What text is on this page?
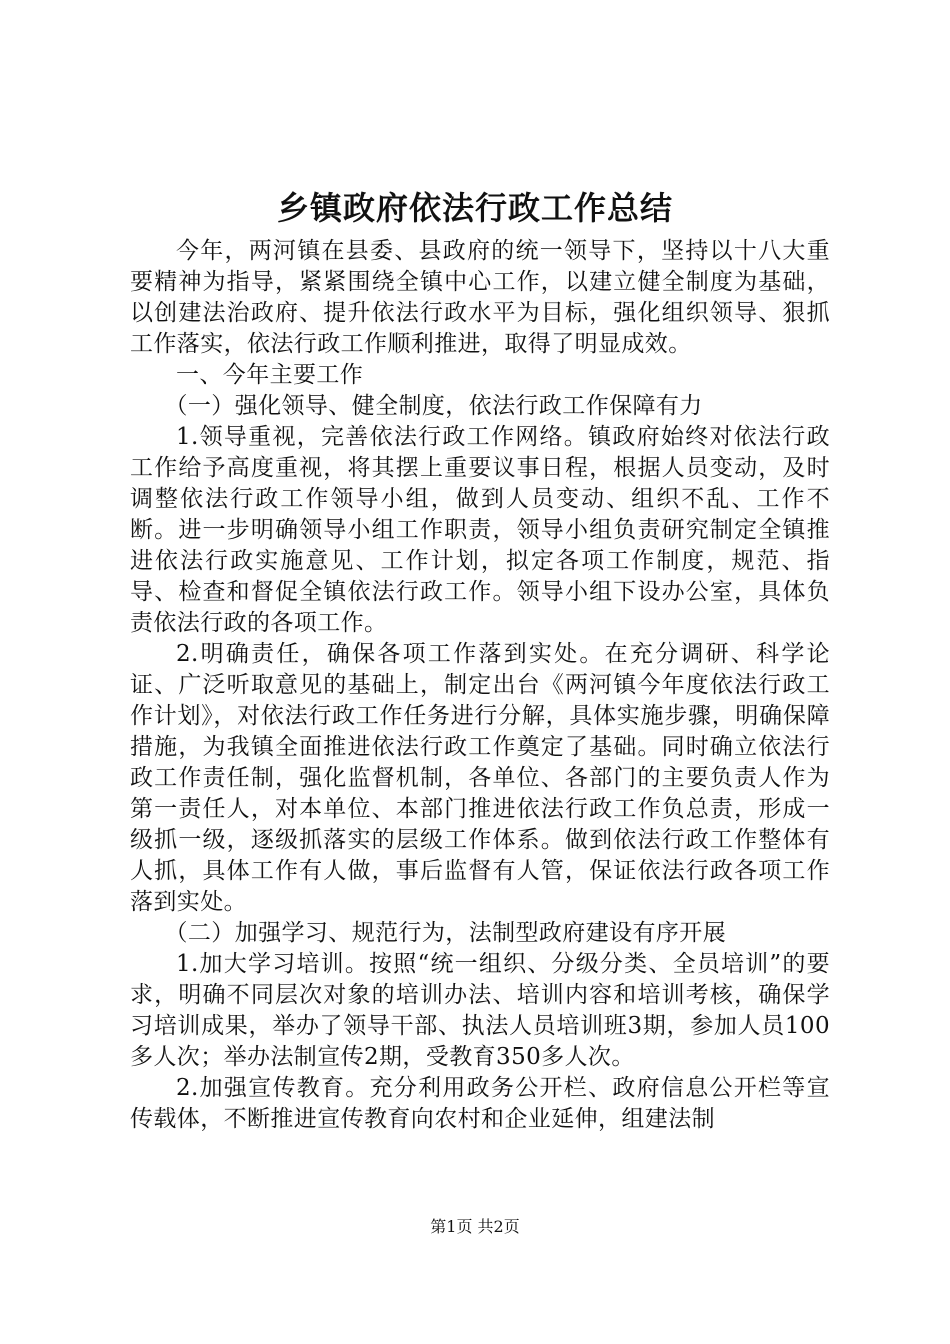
乡镇政府依法行政工作总结

今年，两河镇在县委、县政府的统一领导下，坚持以十八大重要精神为指导，紧紧围绕全镇中心工作，以建立健全制度为基础，以创建法治政府、提升依法行政水平为目标，强化组织领导、狠抓工作落实，依法行政工作顺利推进，取得了明显成效。

一、今年主要工作

（一）强化领导、健全制度，依法行政工作保障有力

1.领导重视，完善依法行政工作网络。镇政府始终对依法行政工作给予高度重视，将其摆上重要议事日程，根据人员变动，及时调整依法行政工作领导小组，做到人员变动、组织不乱、工作不断。进一步明确领导小组工作职责，领导小组负责研究制定全镇推进依法行政实施意见、工作计划，拟定各项工作制度，规范、指导、检查和督促全镇依法行政工作。领导小组下设办公室，具体负责依法行政的各项工作。

2.明确责任，确保各项工作落到实处。在充分调研、科学论证、广泛听取意见的基础上，制定出台《两河镇今年度依法行政工作计划》，对依法行政工作任务进行分解，具体实施步骤，明确保障措施，为我镇全面推进依法行政工作奠定了基础。同时确立依法行政工作责任制，强化监督机制，各单位、各部门的主要负责人作为第一责任人，对本单位、本部门推进依法行政工作负总责，形成一级抓一级，逐级抓落实的层级工作体系。做到依法行政工作整体有人抓，具体工作有人做，事后监督有人管，保证依法行政各项工作落到实处。

（二）加强学习、规范行为，法制型政府建设有序开展

1.加大学习培训。按照“统一组织、分级分类、全员培训”的要求，明确不同层次对象的培训办法、培训内容和培训考核，确保学习培训成果，举办了领导干部、执法人员培训班3期，参加人员100多人次；举办法制宣传2期，受教育350多人次。

2.加强宣传教育。充分利用政务公开栏、政府信息公开栏等宣传载体，不断推进宣传教育向农村和企业延伸，组建法制

第1页 共2页
